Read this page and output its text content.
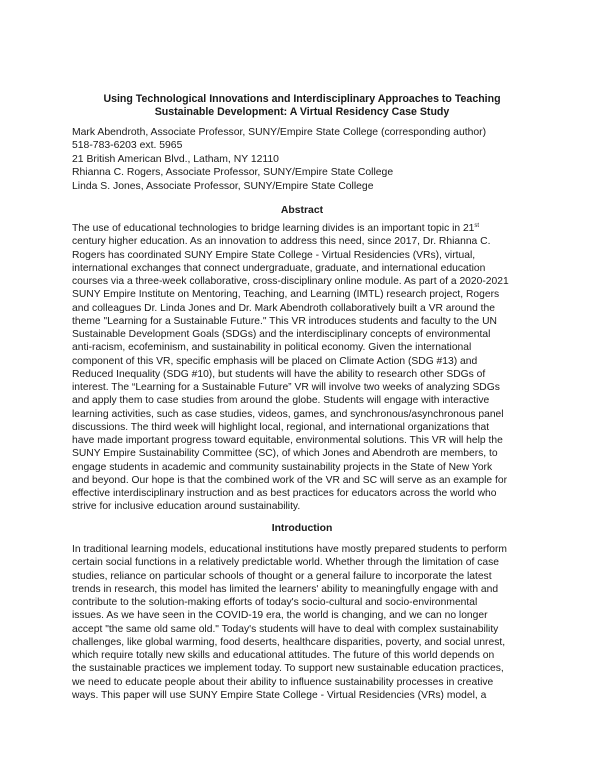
Using Technological Innovations and Interdisciplinary Approaches to Teaching
Sustainable Development: A Virtual Residency Case Study
Mark Abendroth, Associate Professor, SUNY/Empire State College (corresponding author)
518-783-6203 ext. 5965
21 British American Blvd., Latham, NY 12110
Rhianna C. Rogers, Associate Professor, SUNY/Empire State College
Linda S. Jones, Associate Professor, SUNY/Empire State College
Abstract
The use of educational technologies to bridge learning divides is an important topic in 21st
century higher education. As an innovation to address this need, since 2017, Dr. Rhianna C.
Rogers has coordinated SUNY Empire State College - Virtual Residencies (VRs), virtual,
international exchanges that connect undergraduate, graduate, and international education
courses via a three-week collaborative, cross-disciplinary online module. As part of a 2020-2021
SUNY Empire Institute on Mentoring, Teaching, and Learning (IMTL) research project, Rogers
and colleagues Dr. Linda Jones and Dr. Mark Abendroth collaboratively built a VR around the
theme "Learning for a Sustainable Future." This VR introduces students and faculty to the UN
Sustainable Development Goals (SDGs) and the interdisciplinary concepts of environmental
anti-racism, ecofeminism, and sustainability in political economy. Given the international
component of this VR, specific emphasis will be placed on Climate Action (SDG #13) and
Reduced Inequality (SDG #10), but students will have the ability to research other SDGs of
interest. The “Learning for a Sustainable Future” VR will involve two weeks of analyzing SDGs
and apply them to case studies from around the globe. Students will engage with interactive
learning activities, such as case studies, videos, games, and synchronous/asynchronous panel
discussions. The third week will highlight local, regional, and international organizations that
have made important progress toward equitable, environmental solutions. This VR will help the
SUNY Empire Sustainability Committee (SC), of which Jones and Abendroth are members, to
engage students in academic and community sustainability projects in the State of New York
and beyond. Our hope is that the combined work of the VR and SC will serve as an example for
effective interdisciplinary instruction and as best practices for educators across the world who
strive for inclusive education around sustainability.
Introduction
In traditional learning models, educational institutions have mostly prepared students to perform
certain social functions in a relatively predictable world. Whether through the limitation of case
studies, reliance on particular schools of thought or a general failure to incorporate the latest
trends in research, this model has limited the learners' ability to meaningfully engage with and
contribute to the solution-making efforts of today's socio-cultural and socio-environmental
issues. As we have seen in the COVID-19 era, the world is changing, and we can no longer
accept "the same old same old." Today's students will have to deal with complex sustainability
challenges, like global warming, food deserts, healthcare disparities, poverty, and social unrest,
which require totally new skills and educational attitudes. The future of this world depends on
the sustainable practices we implement today. To support new sustainable education practices,
we need to educate people about their ability to influence sustainability processes in creative
ways. This paper will use SUNY Empire State College - Virtual Residencies (VRs) model, a
